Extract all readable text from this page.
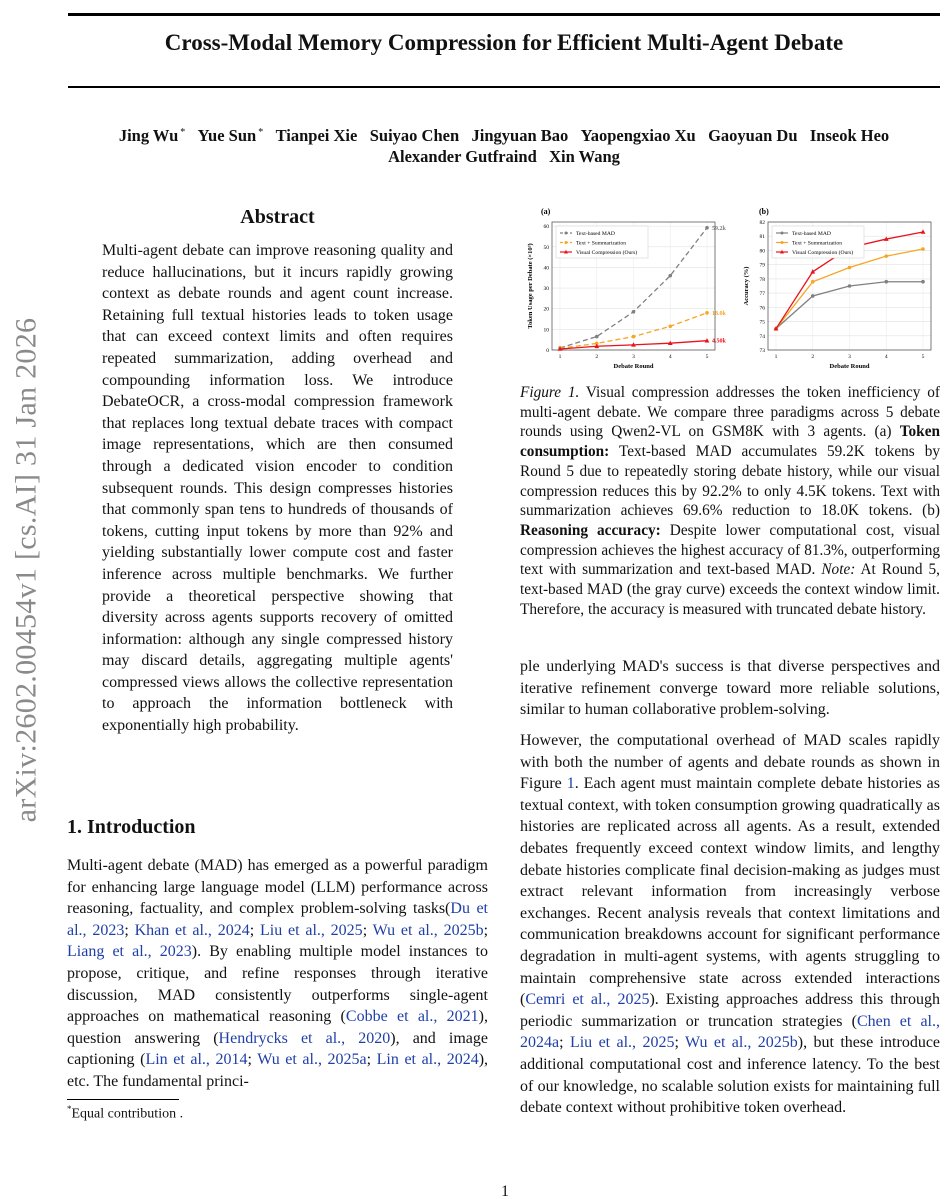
Cross-Modal Memory Compression for Efficient Multi-Agent Debate
Jing Wu * Yue Sun * Tianpei Xie Suiyao Chen Jingyuan Bao Yaopengxiao Xu Gaoyuan Du Inseok Heo
Alexander Gutfraind Xin Wang
arXiv:2602.00454v1 [cs.AI] 31 Jan 2026
Abstract
Multi-agent debate can improve reasoning quality and reduce hallucinations, but it incurs rapidly growing context as debate rounds and agent count increase. Retaining full textual histories leads to token usage that can exceed context limits and often requires repeated summarization, adding overhead and compounding information loss. We introduce DebateOCR, a cross-modal compression framework that replaces long textual debate traces with compact image representations, which are then consumed through a dedicated vision encoder to condition subsequent rounds. This design compresses histories that commonly span tens to hundreds of thousands of tokens, cutting input tokens by more than 92% and yielding substantially lower compute cost and faster inference across multiple benchmarks. We further provide a theoretical perspective showing that diversity across agents supports recovery of omitted information: although any single compressed history may discard details, aggregating multiple agents' compressed views allows the collective representation to approach the information bottleneck with exponentially high probability.
1. Introduction
Multi-agent debate (MAD) has emerged as a powerful paradigm for enhancing large language model (LLM) performance across reasoning, factuality, and complex problem-solving tasks(Du et al., 2023; Khan et al., 2024; Liu et al., 2025; Wu et al., 2025b; Liang et al., 2023). By enabling multiple model instances to propose, critique, and refine responses through iterative discussion, MAD consistently outperforms single-agent approaches on mathematical reasoning (Cobbe et al., 2021), question answering (Hendrycks et al., 2020), and image captioning (Lin et al., 2014; Wu et al., 2025a; Lin et al., 2024), etc. The fundamental princi-
*Equal contribution .
(a)
0
10
20
30
40
50
60
1	2	3	4	5
Debate Round
Token Usage per Debate (×10³)
59.2k
18.0k
4.50k
Text-based MAD
Text + Summarization
Visual Compression (Ours)
(b)
73
74
75
76
77
78
79
80
81
82
1	2	3	4	5
Debate Round
Accuracy (%)
Text-based MAD
Text + Summarization
Visual Compression (Ours)
Figure 1. Visual compression addresses the token inefficiency of multi-agent debate. We compare three paradigms across 5 debate rounds using Qwen2-VL on GSM8K with 3 agents. (a) Token consumption: Text-based MAD accumulates 59.2K tokens by Round 5 due to repeatedly storing debate history, while our visual compression reduces this by 92.2% to only 4.5K tokens. Text with summarization achieves 69.6% reduction to 18.0K tokens. (b) Reasoning accuracy: Despite lower computational cost, visual compression achieves the highest accuracy of 81.3%, outperforming text with summarization and text-based MAD. Note: At Round 5, text-based MAD (the gray curve) exceeds the context window limit. Therefore, the accuracy is measured with truncated debate history.
ple underlying MAD's success is that diverse perspectives and iterative refinement converge toward more reliable solutions, similar to human collaborative problem-solving.
However, the computational overhead of MAD scales rapidly with both the number of agents and debate rounds as shown in Figure 1. Each agent must maintain complete debate histories as textual context, with token consumption growing quadratically as histories are replicated across all agents. As a result, extended debates frequently exceed context window limits, and lengthy debate histories complicate final decision-making as judges must extract relevant information from increasingly verbose exchanges. Recent analysis reveals that context limitations and communication breakdowns account for significant performance degradation in multi-agent systems, with agents struggling to maintain comprehensive state across extended interactions (Cemri et al., 2025). Existing approaches address this through periodic summarization or truncation strategies (Chen et al., 2024a; Liu et al., 2025; Wu et al., 2025b), but these introduce additional computational cost and inference latency. To the best of our knowledge, no scalable solution exists for maintaining full debate context without prohibitive token overhead.
1
